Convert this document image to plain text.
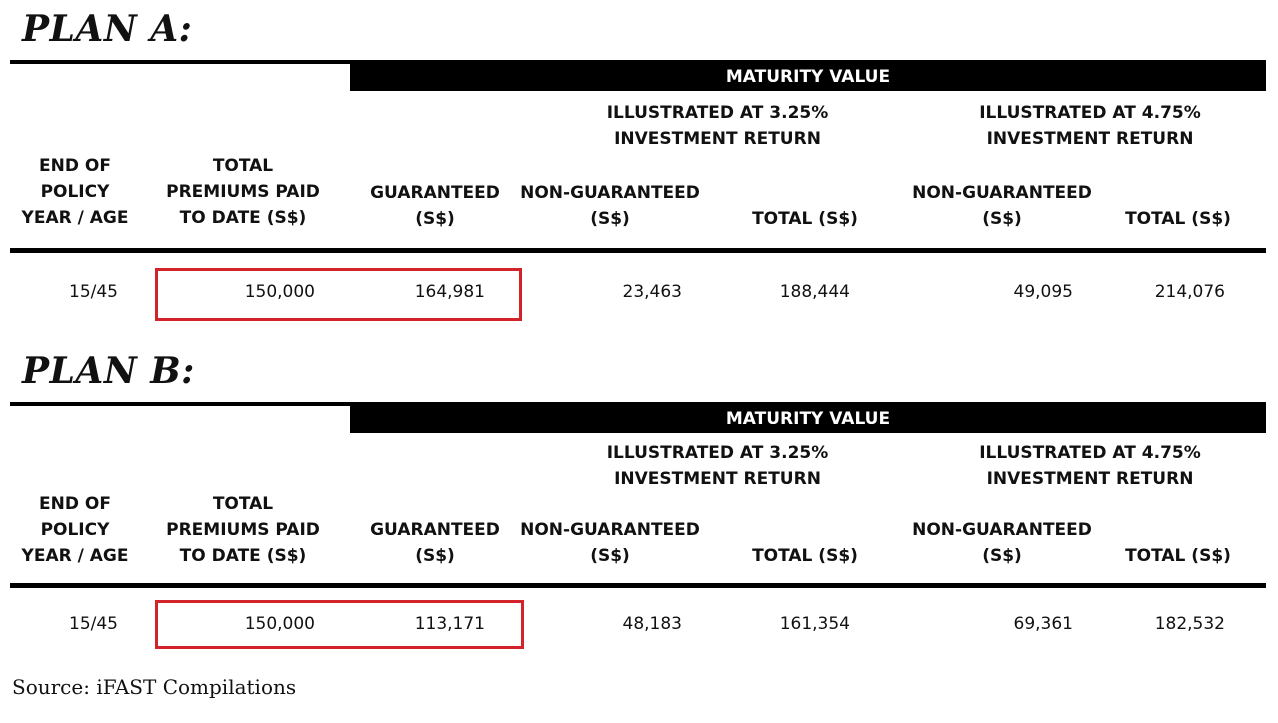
PLAN A:
MATURITY VALUE
ILLUSTRATED AT 3.25% INVESTMENT RETURN
ILLUSTRATED AT 4.75% INVESTMENT RETURN
END OF POLICY YEAR / AGE
TOTAL PREMIUMS PAID TO DATE (S$)
GUARANTEED (S$)
NON-GUARANTEED (S$)	TOTAL (S$)
NON-GUARANTEED (S$)	TOTAL (S$)
15/45	150,000	164,981	23,463	188,444	49,095	214,076
PLAN B:
MATURITY VALUE
ILLUSTRATED AT 3.25% INVESTMENT RETURN
ILLUSTRATED AT 4.75% INVESTMENT RETURN
END OF POLICY YEAR / AGE
TOTAL PREMIUMS PAID TO DATE (S$)
GUARANTEED (S$)
NON-GUARANTEED (S$)	TOTAL (S$)
NON-GUARANTEED (S$)	TOTAL (S$)
15/45	150,000	113,171	48,183	161,354	69,361	182,532
Source: iFAST Compilations
